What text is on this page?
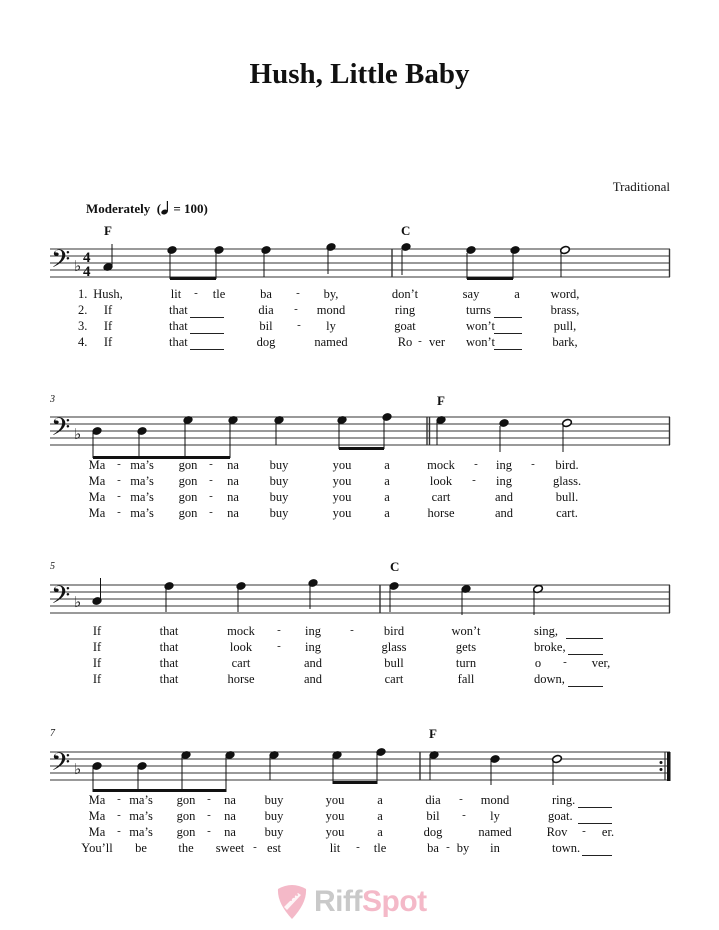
Hush, Little Baby
Traditional
Moderately  ( = 100)
𝄢 ♭ 4
4
F	C
1. Hush,	lit - tle	ba - by,	don’t	say	a word,
2. If	that	dia - mond	ring	turns	brass,
3. If	that	bil - ly	goat	won’t	pull,
4. If	that	dog	named	Ro - ver won’t	bark,
3	F
𝄢 ♭
Ma - ma’s gon - na buy	you	a	mock - ing - bird.
Ma - ma’s gon - na buy	you	a	look - ing	glass.
Ma - ma’s gon - na buy	you	a	cart	and	bull.
Ma - ma’s gon - na buy	you	a	horse	and	cart.
5	C
𝄢 ♭
If	that	mock - ing	- bird	won’t	sing,
If	that	look - ing	glass	gets	broke,
If	that	cart	and	bull	turn	o - ver,
If	that	horse	and	cart	fall	down,
7	F
𝄢 ♭
Ma - ma’s gon - na buy	you	a	dia - mond	ring.
Ma - ma’s gon - na buy	you	a	bil - ly	goat.
Ma - ma’s gon - na buy	you	a	dog	named	Rov - er.
You’ll be	the sweet - est	lit - tle	ba - by in	town.
Riff Spot
